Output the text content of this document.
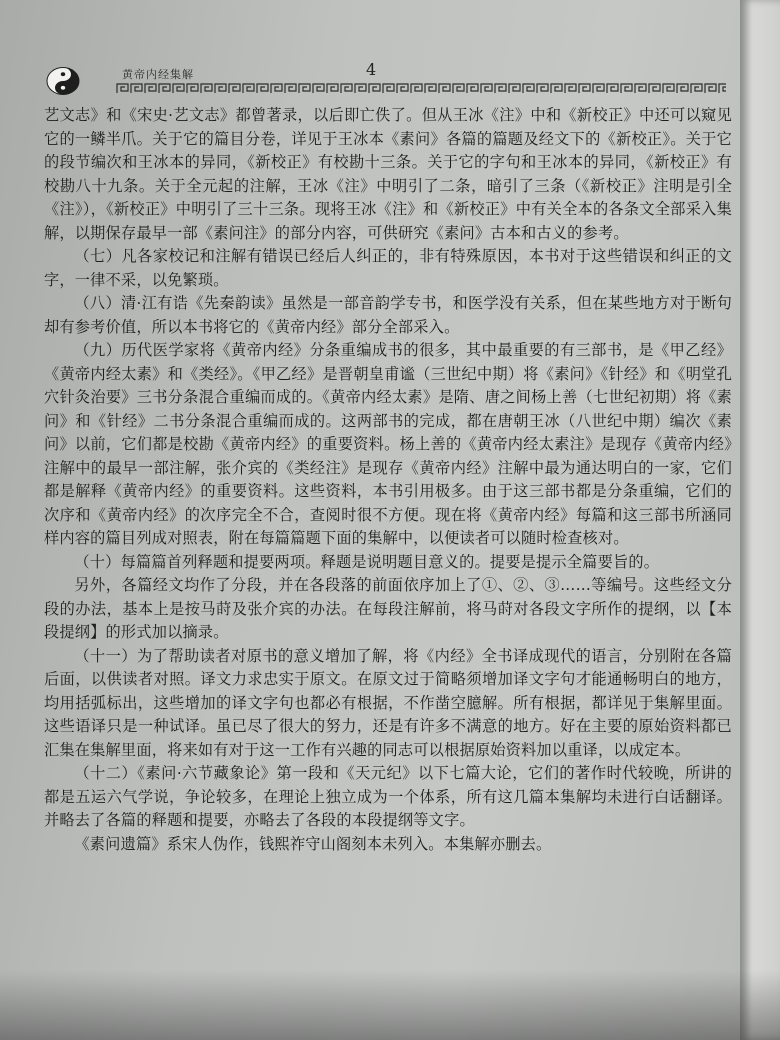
黄帝内经集解	4

艺文志》和《宋史·艺文志》都曾著录，以后即亡佚了。但从王冰《注》中和《新校正》中还可以窥见它的一鳞半爪。关于它的篇目分卷，详见于王冰本《素问》各篇的篇题及经文下的《新校正》。关于它的段节编次和王冰本的异同，《新校正》有校勘十三条。关于它的字句和王冰本的异同，《新校正》有校勘八十九条。关于全元起的注解，王冰《注》中明引了二条，暗引了三条（《新校正》注明是引全《注》），《新校正》中明引了三十三条。现将王冰《注》和《新校正》中有关全本的各条文全部采入集解，以期保存最早一部《素问注》的部分内容，可供研究《素问》古本和古义的参考。

（七）凡各家校记和注解有错误已经后人纠正的，非有特殊原因，本书对于这些错误和纠正的文字，一律不采，以免繁琐。

（八）清·江有诰《先秦韵读》虽然是一部音韵学专书，和医学没有关系，但在某些地方对于断句却有参考价值，所以本书将它的《黄帝内经》部分全部采入。

（九）历代医学家将《黄帝内经》分条重编成书的很多，其中最重要的有三部书，是《甲乙经》《黄帝内经太素》和《类经》。《甲乙经》是晋朝皇甫谧（三世纪中期）将《素问》《针经》和《明堂孔穴针灸治要》三书分条混合重编而成的。《黄帝内经太素》是隋、唐之间杨上善（七世纪初期）将《素问》和《针经》二书分条混合重编而成的。这两部书的完成，都在唐朝王冰（八世纪中期）编次《素问》以前，它们都是校勘《黄帝内经》的重要资料。杨上善的《黄帝内经太素注》是现存《黄帝内经》注解中的最早一部注解，张介宾的《类经注》是现存《黄帝内经》注解中最为通达明白的一家，它们都是解释《黄帝内经》的重要资料。这些资料，本书引用极多。由于这三部书都是分条重编，它们的次序和《黄帝内经》的次序完全不合，查阅时很不方便。现在将《黄帝内经》每篇和这三部书所涵同样内容的篇目列成对照表，附在每篇篇题下面的集解中，以便读者可以随时检查核对。

（十）每篇篇首列释题和提要两项。释题是说明题目意义的。提要是提示全篇要旨的。

另外，各篇经文均作了分段，并在各段落的前面依序加上了①、②、③……等编号。这些经文分段的办法，基本上是按马莳及张介宾的办法。在每段注解前，将马莳对各段文字所作的提纲，以【本段提纲】的形式加以摘录。

（十一）为了帮助读者对原书的意义增加了解，将《内经》全书译成现代的语言，分别附在各篇后面，以供读者对照。译文力求忠实于原文。在原文过于简略须增加译文字句才能通畅明白的地方，均用括弧标出，这些增加的译文字句也都必有根据，不作凿空臆解。所有根据，都详见于集解里面。这些语译只是一种试译。虽已尽了很大的努力，还是有许多不满意的地方。好在主要的原始资料都已汇集在集解里面，将来如有对于这一工作有兴趣的同志可以根据原始资料加以重译，以成定本。

（十二）《素问·六节藏象论》第一段和《天元纪》以下七篇大论，它们的著作时代较晚，所讲的都是五运六气学说，争论较多，在理论上独立成为一个体系，所有这几篇本集解均未进行白话翻译。并略去了各篇的释题和提要，亦略去了各段的本段提纲等文字。

《素问遗篇》系宋人伪作，钱熙祚守山阁刻本未列入。本集解亦删去。
